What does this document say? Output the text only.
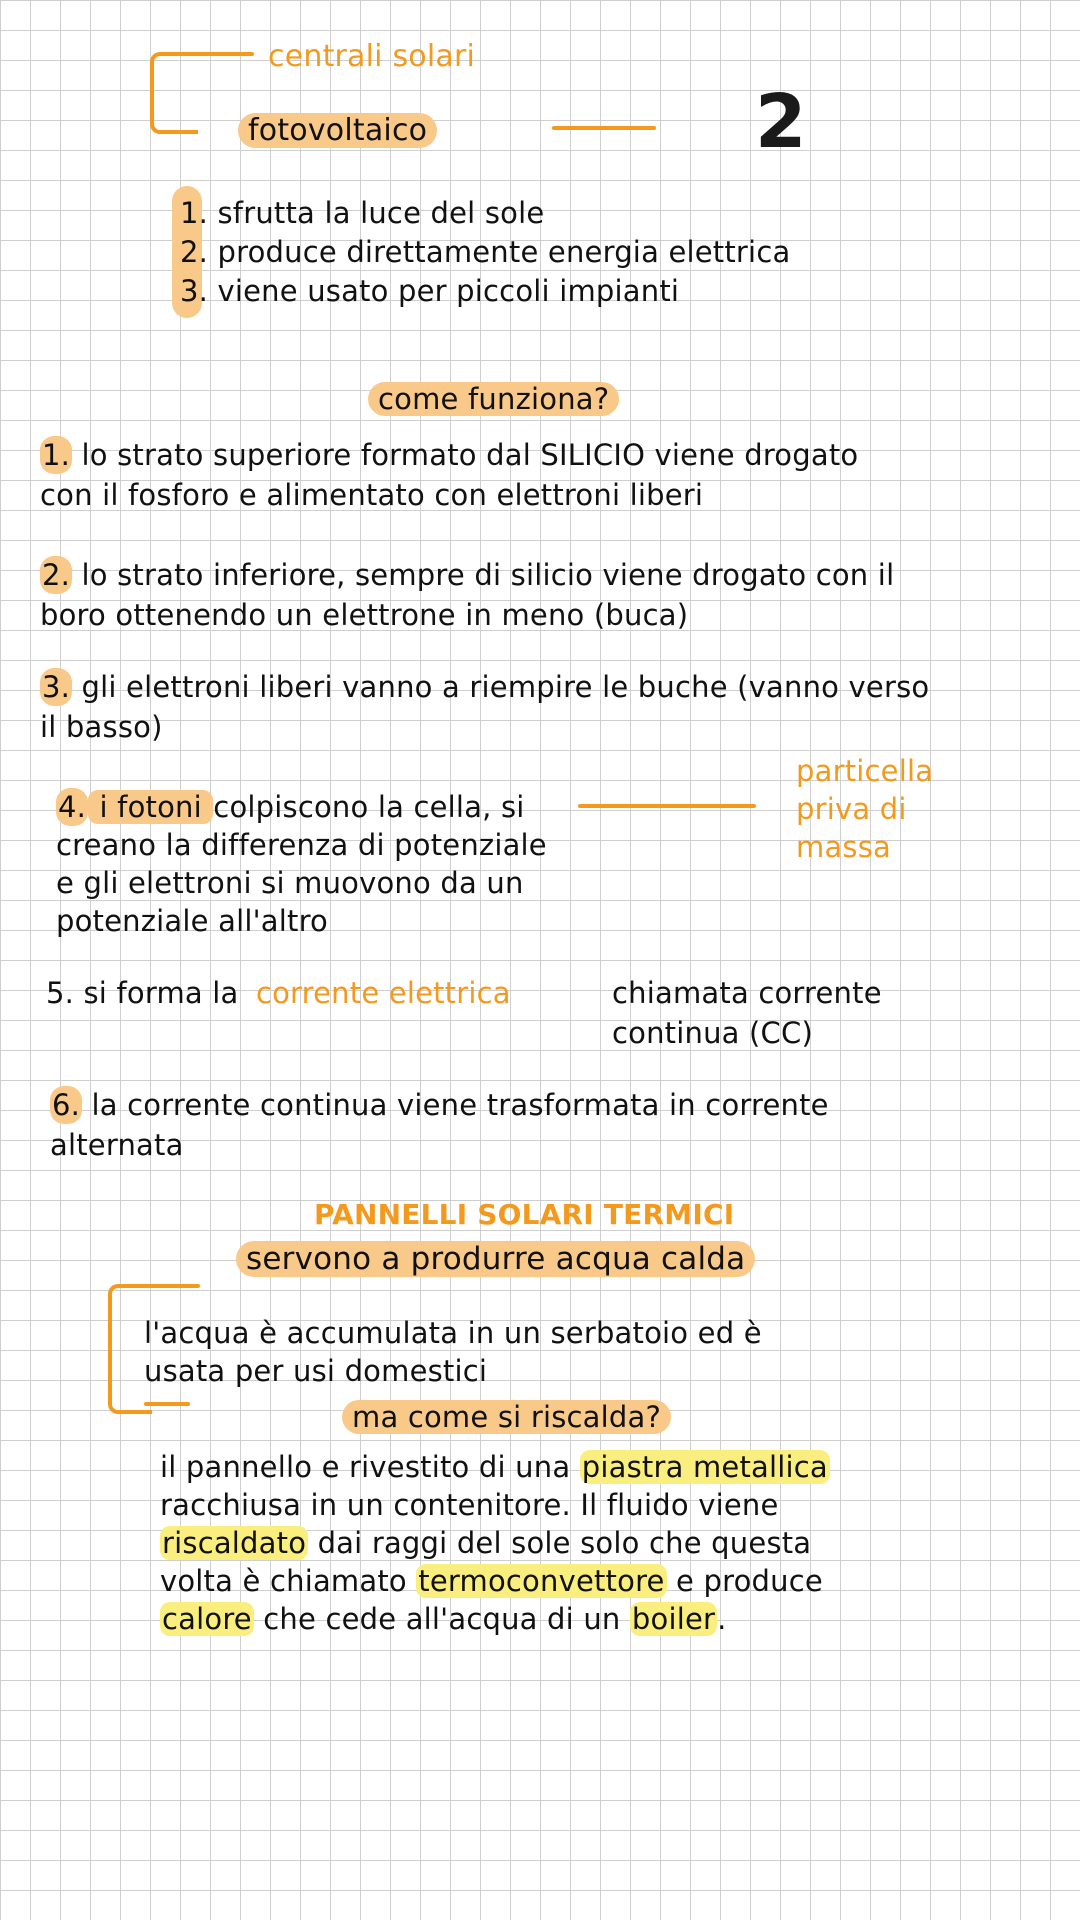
centrali solari
fotovoltaico	2
1. sfrutta la luce del sole
2. produce direttamente energia elettrica
3. viene usato per piccoli impianti
come funziona?
1. lo strato superiore formato dal SILICIO viene drogato
con il fosforo e alimentato con elettroni liberi
2. lo strato inferiore, sempre di silicio viene drogato con il
boro ottenendo un elettrone in meno (buca)
3. gli elettroni liberi vanno a riempire le buche (vanno verso
il basso)
4. i fotoni colpiscono la cella, si
creano la differenza di potenziale
e gli elettroni si muovono da un
potenziale all'altro
particella
priva di
massa
5. si forma la corrente elettrica	chiamata corrente
continua (CC)
6. la corrente continua viene trasformata in corrente
alternata
PANNELLI SOLARI TERMICI
servono a produrre acqua calda
l'acqua è accumulata in un serbatoio ed è
usata per usi domestici
ma come si riscalda?
il pannello e rivestito di una piastra metallica
racchiusa in un contenitore. Il fluido viene
riscaldato dai raggi del sole solo che questa
volta è chiamato termoconvettore e produce
calore che cede all'acqua di un boiler.
